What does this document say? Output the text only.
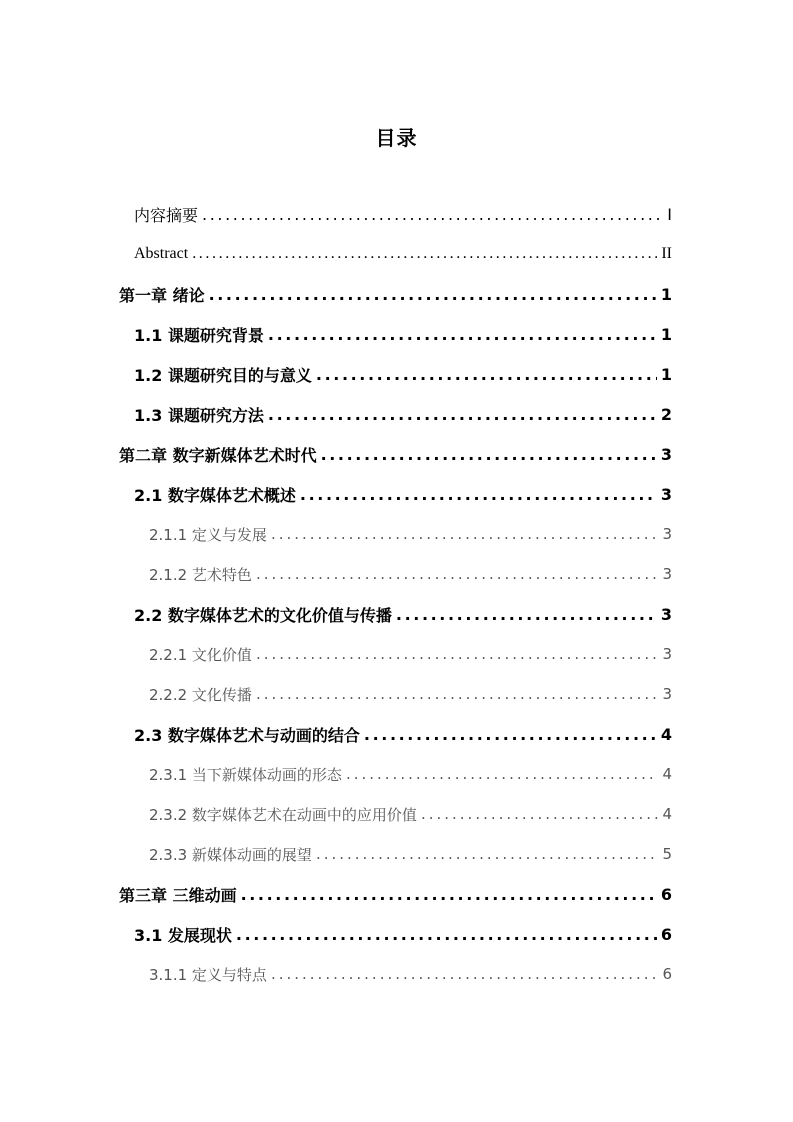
目录
内容摘要 .....	I
Abstract .....	II
第一章 绪论 .....	1
1.1 课题研究背景 .....	1
1.2 课题研究目的与意义 .....	1
1.3 课题研究方法 .....	2
第二章 数字新媒体艺术时代 .....	3
2.1 数字媒体艺术概述 .....	3
2.1.1 定义与发展 .....	3
2.1.2 艺术特色 .....	3
2.2 数字媒体艺术的文化价值与传播 .....	3
2.2.1 文化价值 .....	3
2.2.2 文化传播 .....	3
2.3 数字媒体艺术与动画的结合 .....	4
2.3.1 当下新媒体动画的形态 .....	4
2.3.2 数字媒体艺术在动画中的应用价值 .....	4
2.3.3 新媒体动画的展望 .....	5
第三章 三维动画 .....	6
3.1 发展现状 .....	6
3.1.1 定义与特点 .....	6
